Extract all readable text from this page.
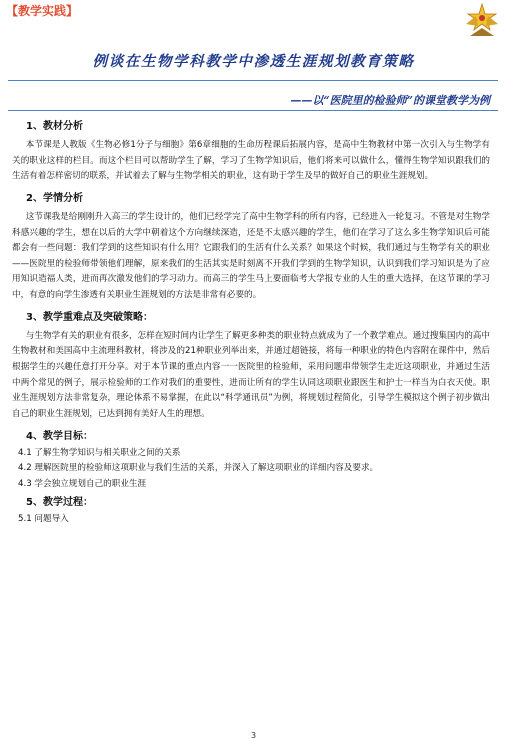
【教学实践】
例谈在生物学科教学中渗透生涯规划教育策略
——以“医院里的检验师”的课堂教学为例
1、教材分析

本节课是人教版《生物必修1分子与细胞》第6章细胞的生命历程课后拓展内容，是高中生物教材中第一次引入与生物学有关的职业这样的栏目。而这个栏目可以帮助学生了解，学习了生物学知识后，他们将来可以做什么，懂得生物学知识跟我们的生活有着怎样密切的联系，并试着去了解与生物学相关的职业，这有助于学生及早的做好自己的职业生涯规划。

2、学情分析

这节课我是给刚刚升入高三的学生设计的，他们已经学完了高中生物学科的所有内容，已经进入一轮复习。不管是对生物学科感兴趣的学生，想在以后的大学中朝着这个方向继续深造，还是不太感兴趣的学生，他们在学习了这么多生物学知识后可能都会有一些问题：我们学到的这些知识有什么用？它跟我们的生活有什么关系？如果这个时候，我们通过与生物学有关的职业——医院里的检验师带领他们理解，原来我们的生活其实是时刻离不开我们学到的生物学知识，认识到我们学习知识是为了应用知识造福人类，进而再次激发他们的学习动力。而高三的学生马上要面临考大学报专业的人生的重大选择，在这节课的学习中，有意的向学生渗透有关职业生涯规划的方法是非常有必要的。

3、教学重难点及突破策略：

与生物学有关的职业有很多，怎样在短时间内让学生了解更多种类的职业特点就成为了一个教学难点。通过搜集国内的高中生物教材和美国高中主流理科教材，将涉及的21种职业列举出来，并通过超链接，将每一种职业的特色内容附在课件中，然后根据学生的兴趣任意打开分享。对于本节课的重点内容一一医院里的检验师，采用问题串带领学生走近这项职业，并通过生活中两个常见的例子，展示检验师的工作对我们的重要性，进而让所有的学生认同这项职业跟医生和护士一样当为白衣天使。职业生涯规划方法非常复杂，理论体系不易掌握，在此以“科学通讯员”为例，将规划过程简化，引导学生模拟这个例子初步做出自己的职业生涯规划，已达到拥有美好人生的理想。

4、教学目标：

4.1 了解生物学知识与相关职业之间的关系

4.2 理解医院里的检验师这项职业与我们生活的关系，并深入了解这项职业的详细内容及要求。

4.3 学会独立规划自己的职业生涯

5、教学过程：

5.1 问题导入

3
